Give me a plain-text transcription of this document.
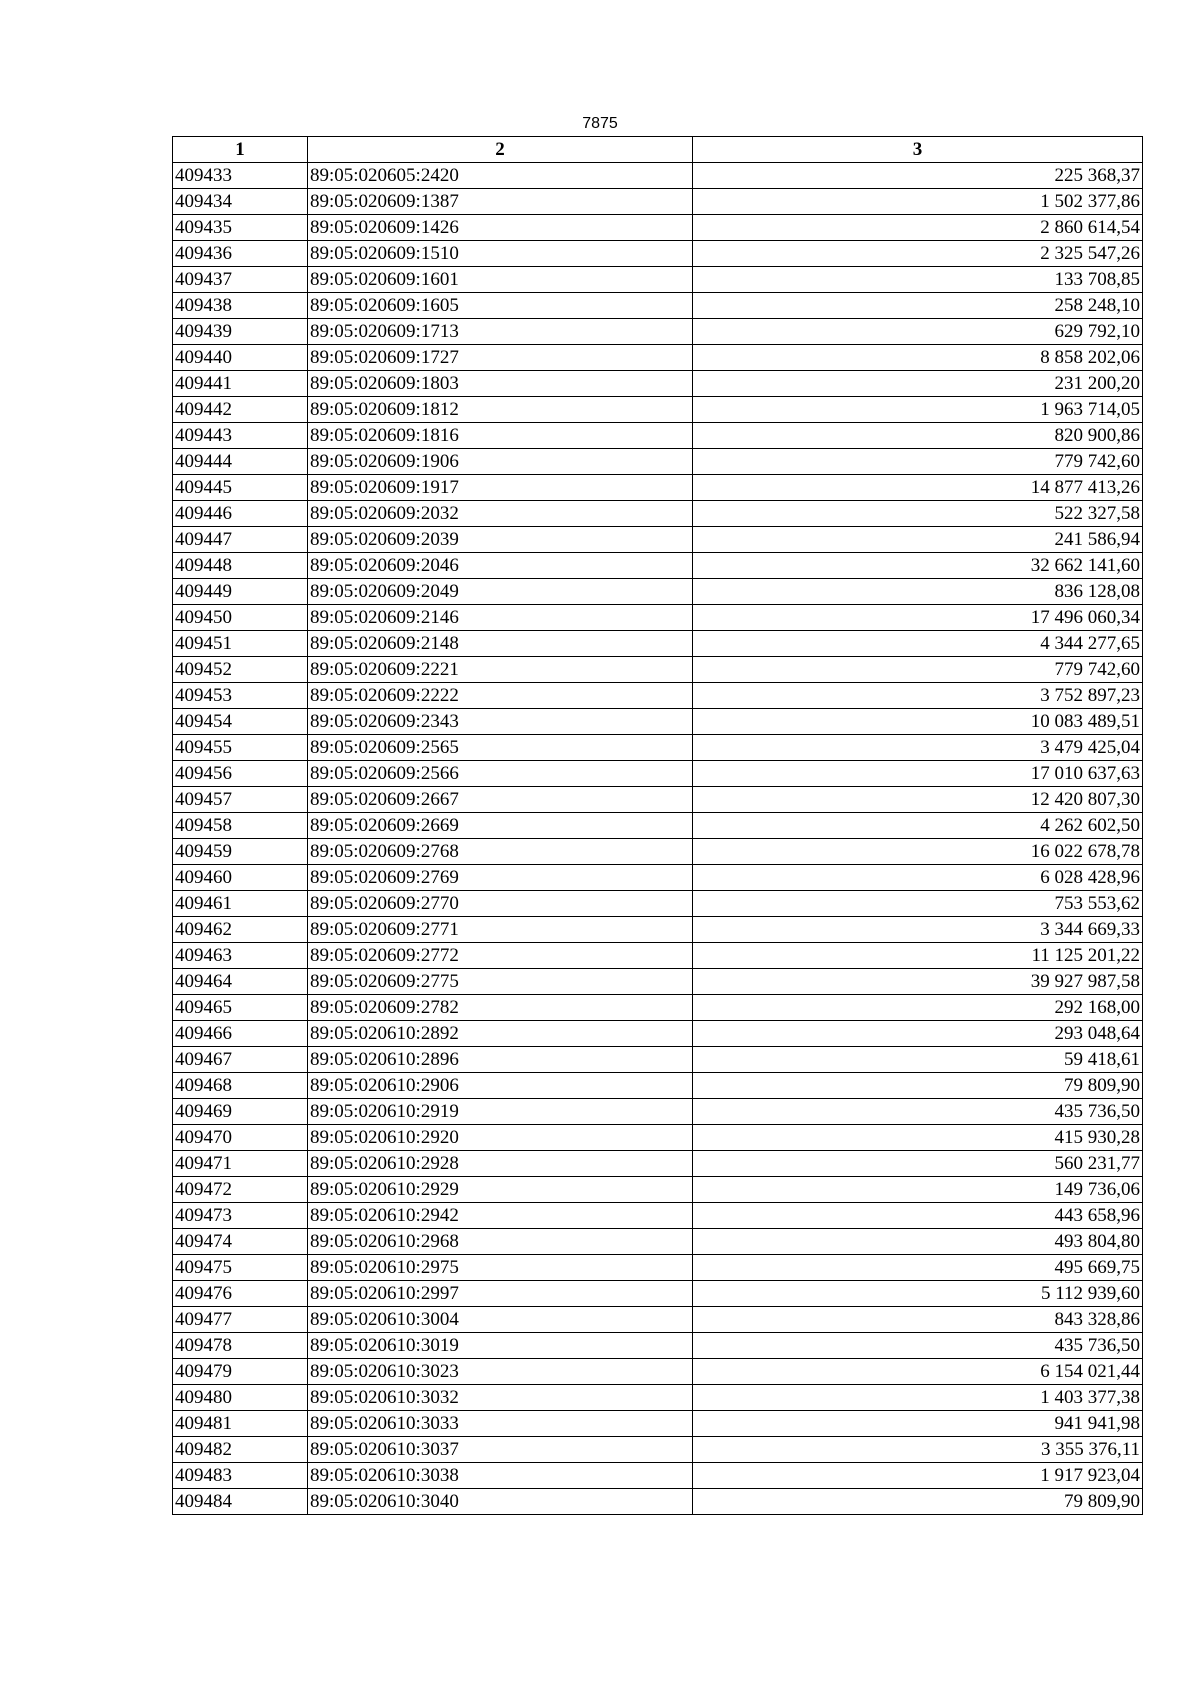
7875
1	2	3
409433	89:05:020605:2420	225 368,37
409434	89:05:020609:1387	1 502 377,86
409435	89:05:020609:1426	2 860 614,54
409436	89:05:020609:1510	2 325 547,26
409437	89:05:020609:1601	133 708,85
409438	89:05:020609:1605	258 248,10
409439	89:05:020609:1713	629 792,10
409440	89:05:020609:1727	8 858 202,06
409441	89:05:020609:1803	231 200,20
409442	89:05:020609:1812	1 963 714,05
409443	89:05:020609:1816	820 900,86
409444	89:05:020609:1906	779 742,60
409445	89:05:020609:1917	14 877 413,26
409446	89:05:020609:2032	522 327,58
409447	89:05:020609:2039	241 586,94
409448	89:05:020609:2046	32 662 141,60
409449	89:05:020609:2049	836 128,08
409450	89:05:020609:2146	17 496 060,34
409451	89:05:020609:2148	4 344 277,65
409452	89:05:020609:2221	779 742,60
409453	89:05:020609:2222	3 752 897,23
409454	89:05:020609:2343	10 083 489,51
409455	89:05:020609:2565	3 479 425,04
409456	89:05:020609:2566	17 010 637,63
409457	89:05:020609:2667	12 420 807,30
409458	89:05:020609:2669	4 262 602,50
409459	89:05:020609:2768	16 022 678,78
409460	89:05:020609:2769	6 028 428,96
409461	89:05:020609:2770	753 553,62
409462	89:05:020609:2771	3 344 669,33
409463	89:05:020609:2772	11 125 201,22
409464	89:05:020609:2775	39 927 987,58
409465	89:05:020609:2782	292 168,00
409466	89:05:020610:2892	293 048,64
409467	89:05:020610:2896	59 418,61
409468	89:05:020610:2906	79 809,90
409469	89:05:020610:2919	435 736,50
409470	89:05:020610:2920	415 930,28
409471	89:05:020610:2928	560 231,77
409472	89:05:020610:2929	149 736,06
409473	89:05:020610:2942	443 658,96
409474	89:05:020610:2968	493 804,80
409475	89:05:020610:2975	495 669,75
409476	89:05:020610:2997	5 112 939,60
409477	89:05:020610:3004	843 328,86
409478	89:05:020610:3019	435 736,50
409479	89:05:020610:3023	6 154 021,44
409480	89:05:020610:3032	1 403 377,38
409481	89:05:020610:3033	941 941,98
409482	89:05:020610:3037	3 355 376,11
409483	89:05:020610:3038	1 917 923,04
409484	89:05:020610:3040	79 809,90
